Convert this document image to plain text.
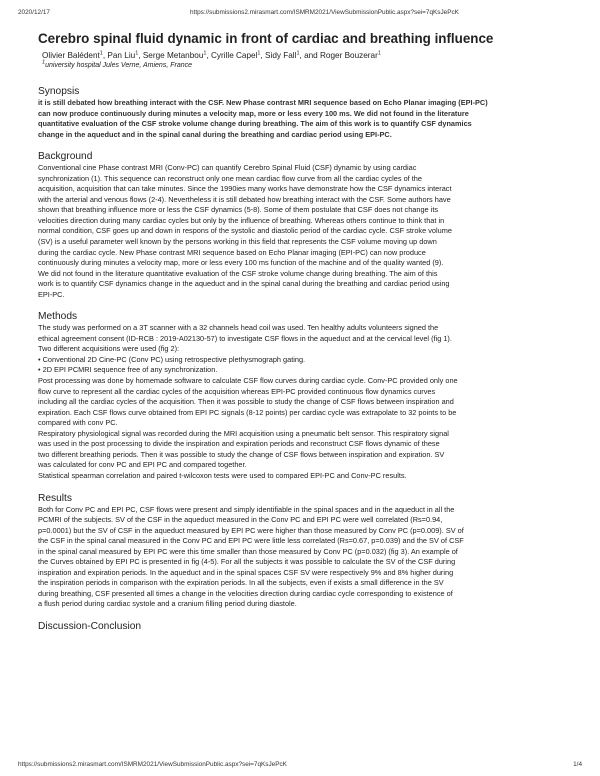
2020/12/17	https://submissions2.mirasmart.com/ISMRM2021/ViewSubmissionPublic.aspx?sei=7qKsJePcK
Cerebro spinal fluid dynamic in front of cardiac and breathing influence
Olivier Balédent$^1$, Pan Liu$^1$, Serge Metanbou$^1$, Cyrille Capel$^1$, Sidy Fall$^1$, and Roger Bouzerar$^1$
$^1$university hospital Jules Verne, Amiens, France
Synopsis
it is still debated how breathing interact with the CSF. New Phase contrast MRI sequence based on Echo Planar imaging (EPI-PC)
can now produce continuously during minutes a velocity map, more or less every 100 ms. We did not found in the literature
quantitative evaluation of the CSF stroke volume change during breathing. The aim of this work is to quantify CSF dynamics
change in the aqueduct and in the spinal canal during the breathing and cardiac period using EPI-PC.
Background
Conventional cine Phase contrast MRI (Conv-PC) can quantify Cerebro Spinal Fluid (CSF) dynamic by using cardiac
synchronization (1). This sequence can reconstruct only one mean cardiac flow curve from all the cardiac cycles of the
acquisition, acquisition that can take minutes. Since the 1990ies many works have demonstrate how the CSF dynamics interact
with the arterial and venous flows (2-4). Nevertheless it is still debated how breathing interact with the CSF. Some authors have
shown that breathing influence more or less the CSF dynamics (5-8). Some of them postulate that CSF does not change its
velocities direction during many cardiac cycles but only by the influence of breathing. Whereas others continue to think that in
normal condition, CSF goes up and down in respons of the systolic and diastolic period of the cardiac cycle. CSF stroke volume
(SV) is a useful parameter well known by the persons working in this field that represents the CSF volume moving up down
during the cardiac cycle. New Phase contrast MRI sequence based on Echo Planar imaging (EPI-PC) can now produce
continuously during minutes a velocity map, more or less every 100 ms function of the machine and of the quality wanted (9).
We did not found in the literature quantitative evaluation of the CSF stroke volume change during breathing. The aim of this
work is to quantify CSF dynamics change in the aqueduct and in the spinal canal during the breathing and cardiac period using
EPI-PC.
Methods
The study was performed on a 3T scanner with a 32 channels head coil was used. Ten healthy adults volunteers signed the
ethical agreement consent (ID-RCB : 2019-A02130-57) to investigate CSF flows in the aqueduct and at the cervical level (fig 1).
Two different acquisitions were used (fig 2):
• Conventional 2D Cine-PC (Conv PC) using retrospective plethysmograph gating.
• 2D EPI PCMRI sequence free of any synchronization.
Post processing was done by homemade software to calculate CSF flow curves during cardiac cycle. Conv-PC provided only one
flow curve to represent all the cardiac cycles of the acquisition whereas EPI-PC provided continuous flow dynamics curves
including all the cardiac cycles of the acquisition. Then it was possible to study the change of CSF flows between inspiration and
expiration. Each CSF flows curve obtained from EPI PC signals (8-12 points) per cardiac cycle was extrapolate to 32 points to be
compared with conv PC.
Respiratory physiological signal was recorded during the MRI acquisition using a pneumatic belt sensor. This respiratory signal
was used in the post processing to divide the inspiration and expiration periods and reconstruct CSF flows dynamic of these
two different breathing periods. Then it was possible to study the change of CSF flows between inspiration and expiration. SV
was calculated for conv PC and EPI PC and compared together.
Statistical spearman correlation and paired t-wilcoxon tests were used to compared EPI-PC and Conv-PC results.
Results
Both for Conv PC and EPI PC, CSF flows were present and simply identifiable in the spinal spaces and in the aqueduct in all the
PCMRI of the subjects. SV of the CSF in the aqueduct measured in the Conv PC and EPI PC were well correlated (Rs=0.94,
p=0.0001) but the SV of CSF in the aqueduct measured by EPI PC were higher than those measured by Conv PC (p=0.009). SV of
the CSF in the spinal canal measured in the Conv PC and EPI PC were little less correlated (Rs=0.67, p=0.039) and the SV of CSF
in the spinal canal measured by EPI PC were this time smaller than those measured by Conv PC (p=0.032) (fig 3). An example of
the Curves obtained by EPI PC is presented in fig (4-5). For all the subjects it was possible to calculate the SV of the CSF during
inspiration and expiration periods. In the aqueduct and in the spinal spaces CSF SV were respectively 9% and 8% higher during
the inspiration periods in comparison with the expiration periods. In all the subjects, even if exists a small difference in the SV
during breathing, CSF presented all times a change in the velocities direction during cardiac cycle corresponding to existence of
a flush period during cardiac systole and a cranium filling period during diastole.
Discussion-Conclusion
https://submissions2.mirasmart.com/ISMRM2021/ViewSubmissionPublic.aspx?sei=7qKsJePcK	1/4
